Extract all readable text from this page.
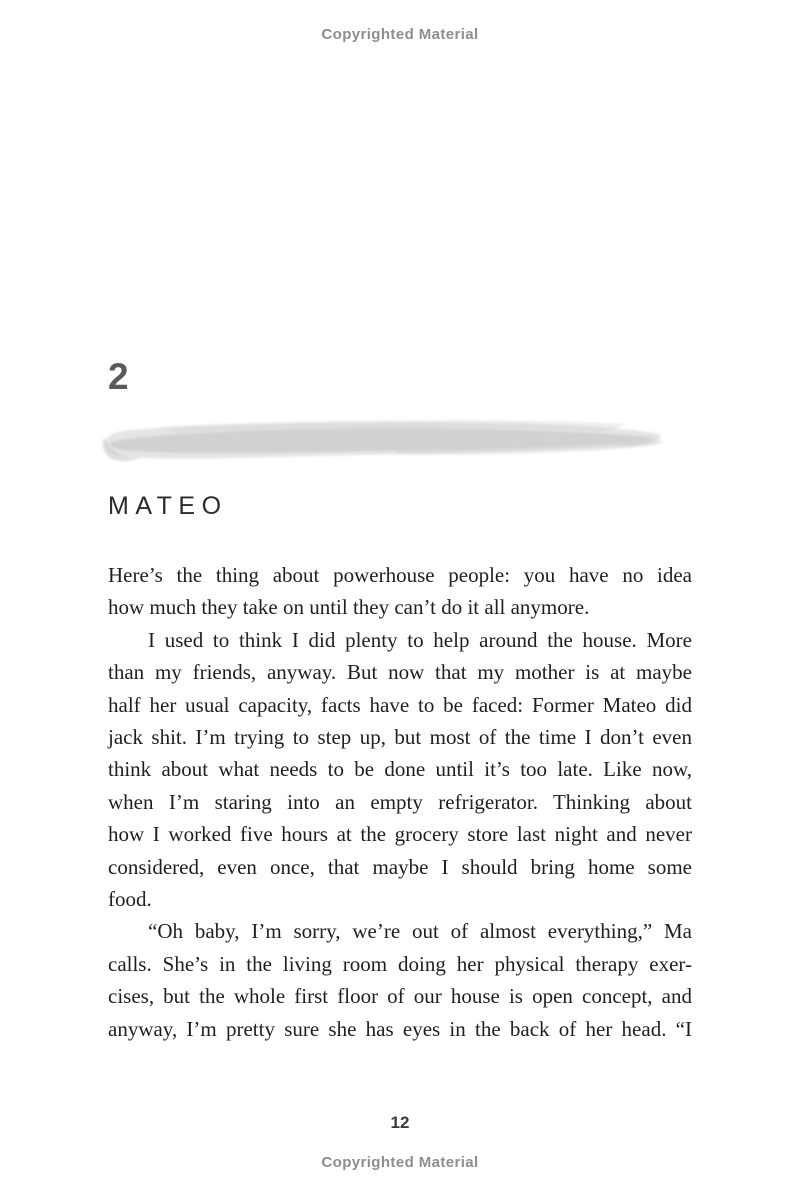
Copyrighted Material
2
MATEO
Here’s the thing about powerhouse people: you have no idea
how much they take on until they can’t do it all anymore.
I used to think I did plenty to help around the house. More
than my friends, anyway. But now that my mother is at maybe
half her usual capacity, facts have to be faced: Former Mateo did
jack shit. I’m trying to step up, but most of the time I don’t even
think about what needs to be done until it’s too late. Like now,
when I’m staring into an empty refrigerator. Thinking about
how I worked five hours at the grocery store last night and never
considered, even once, that maybe I should bring home some
food.
“Oh baby, I’m sorry, we’re out of almost everything,” Ma
calls. She’s in the living room doing her physical therapy exer-
cises, but the whole first floor of our house is open concept, and
anyway, I’m pretty sure she has eyes in the back of her head. “I
12
Copyrighted Material
